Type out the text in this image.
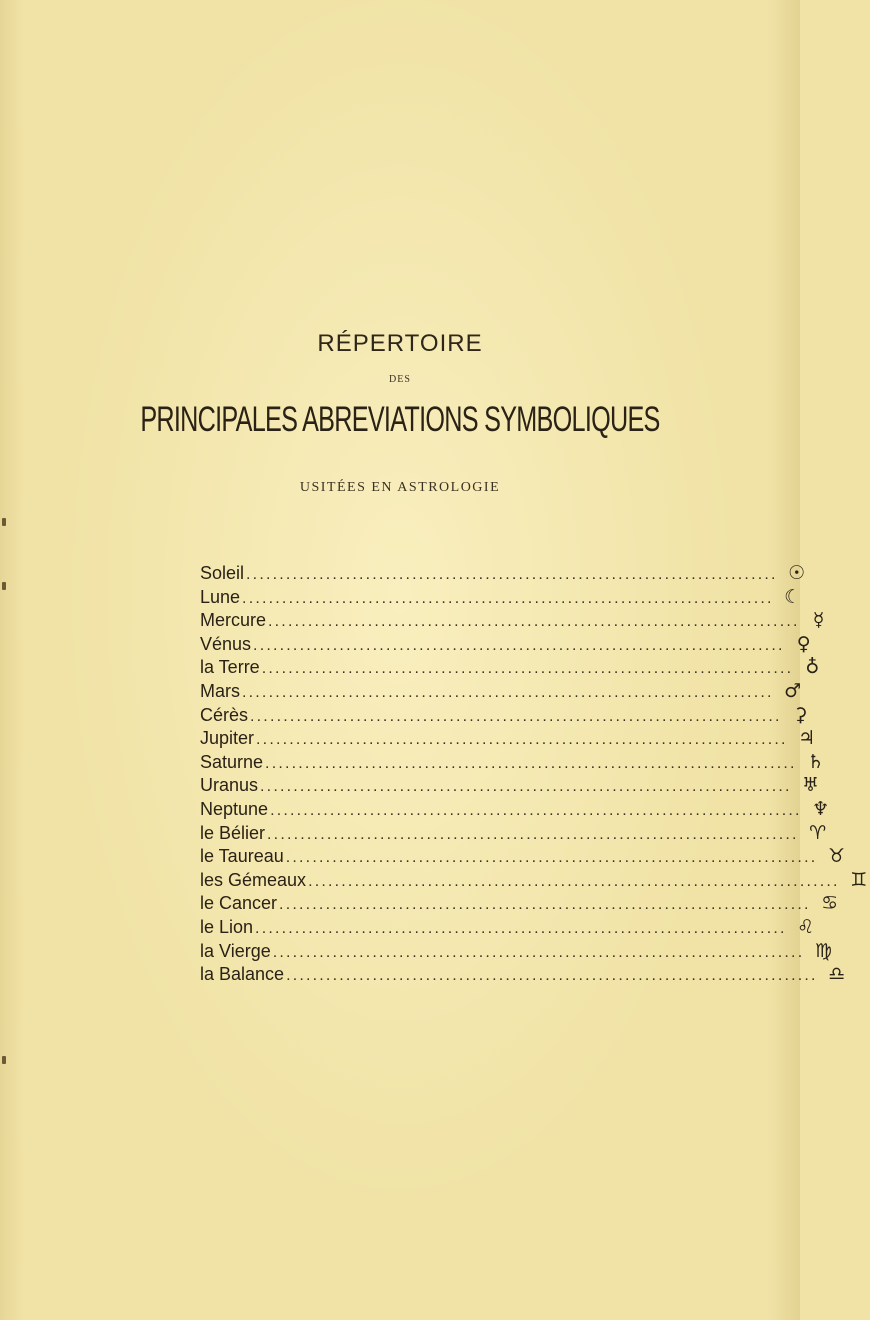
RÉPERTOIRE
DES
PRINCIPALES ABREVIATIONS SYMBOLIQUES
USITÉES EN ASTROLOGIE
Soleil ................................................................................ ☉
Lune ................................................................................ ☾
Mercure ................................................................................ ☿
Vénus ................................................................................ ♀
la Terre ................................................................................ ♁
Mars ................................................................................ ♂
Cérès ................................................................................ ⚳
Jupiter ................................................................................ ♃
Saturne ................................................................................ ♄
Uranus ................................................................................ ♅
Neptune ................................................................................ ♆
le Bélier ................................................................................ ♈
le Taureau ................................................................................ ♉
les Gémeaux ................................................................................ ♊
le Cancer ................................................................................ ♋
le Lion ................................................................................ ♌
la Vierge ................................................................................ ♍
la Balance ................................................................................ ♎
